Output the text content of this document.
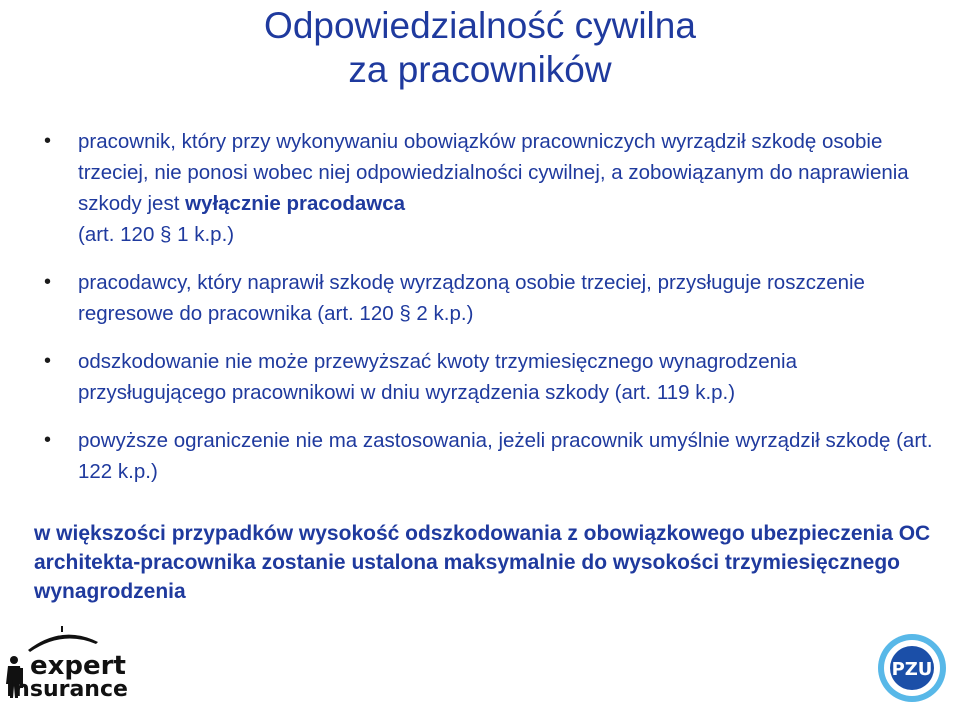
Odpowiedzialność cywilna
za pracowników
• pracownik, który przy wykonywaniu obowiązków pracowniczych wyrządził szkodę osobie trzeciej, nie ponosi wobec niej odpowiedzialności cywilnej, a zobowiązanym do naprawienia szkody jest wyłącznie pracodawca
(art. 120 § 1 k.p.)
• pracodawcy, który naprawił szkodę wyrządzoną osobie trzeciej, przysługuje roszczenie regresowe do pracownika (art. 120 § 2 k.p.)
• odszkodowanie nie może przewyższać kwoty trzymiesięcznego wynagrodzenia przysługującego pracownikowi w dniu wyrządzenia szkody (art. 119 k.p.)
• powyższe ograniczenie nie ma zastosowania, jeżeli pracownik umyślnie wyrządził szkodę (art. 122 k.p.)
w większości przypadków wysokość odszkodowania z obowiązkowego ubezpieczenia OC architekta-pracownika zostanie ustalona maksymalnie do wysokości trzymiesięcznego wynagrodzenia
expert
Insurance
PZU
